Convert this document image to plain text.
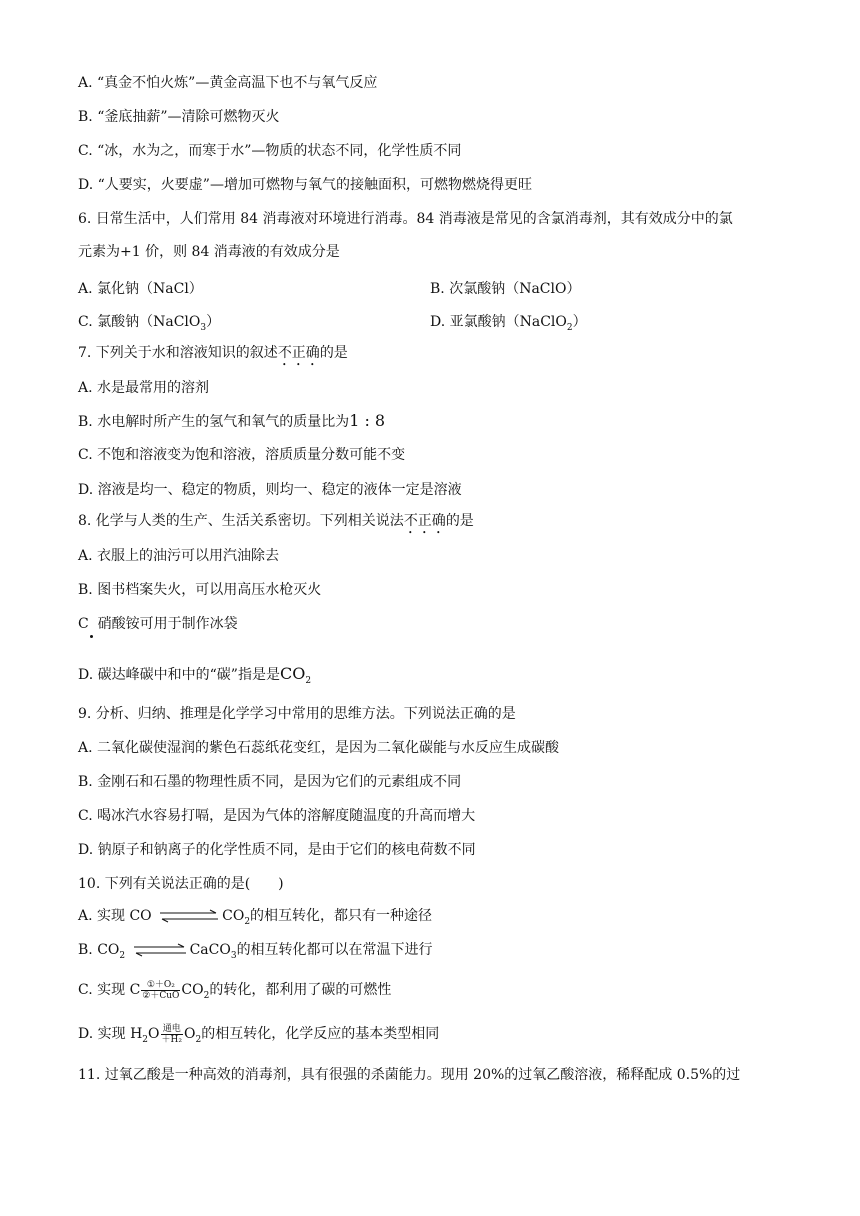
A. “真金不怕火炼”—黄金高温下也不与氧气反应
B. “釜底抽薪”—清除可燃物灭火
C. “冰，水为之，而寒于水”—物质的状态不同，化学性质不同
D. “人要实，火要虚”—增加可燃物与氧气的接触面积，可燃物燃烧得更旺
6. 日常生活中，人们常用 84 消毒液对环境进行消毒。84 消毒液是常见的含氯消毒剂，其有效成分中的氯
元素为+1 价，则 84 消毒液的有效成分是
A. 氯化钠（NaCl）	B. 次氯酸钠（NaClO）
C. 氯酸钠（NaClO$_3$）	D. 亚氯酸钠（NaClO$_2$）
7. 下列关于水和溶液知识的叙述不正确的是
A. 水是最常用的溶剂
B. 水电解时所产生的氢气和氧气的质量比为1 : 8
C. 不饱和溶液变为饱和溶液，溶质质量分数可能不变
D. 溶液是均一、稳定的物质，则均一、稳定的液体一定是溶液
8. 化学与人类的生产、生活关系密切。下列相关说法不正确的是
A. 衣服上的油污可以用汽油除去
B. 图书档案失火，可以用高压水枪灭火
C 硝酸铵可用于制作冰袋
D. 碳达峰碳中和中的“碳”指是是$CO_2$
9. 分析、归纳、推理是化学学习中常用的思维方法。下列说法正确的是
A. 二氧化碳使湿润的紫色石蕊纸花变红，是因为二氧化碳能与水反应生成碳酸
B. 金刚石和石墨的物理性质不同，是因为它们的元素组成不同
C. 喝冰汽水容易打嗝，是因为气体的溶解度随温度的升高而增大
D. 钠原子和钠离子的化学性质不同，是由于它们的核电荷数不同
10. 下列有关说法正确的是(　　)
A. 实现 CO	$CO_2$的相互转化，都只有一种途径
B. $CO_2$ ⇌ CaCO$_3$的相互转化都可以在常温下进行
C. 实现 C ①＋O₂
②＋CuO $CO_2$的转化，都利用了碳的可燃性
D. 实现 $H_2O$ 通电
＋H₂ $O_2$的相互转化，化学反应的基本类型相同
11. 过氧乙酸是一种高效的消毒剂，具有很强的杀菌能力。现用 20%的过氧乙酸溶液，稀释配成 0.5%的过
